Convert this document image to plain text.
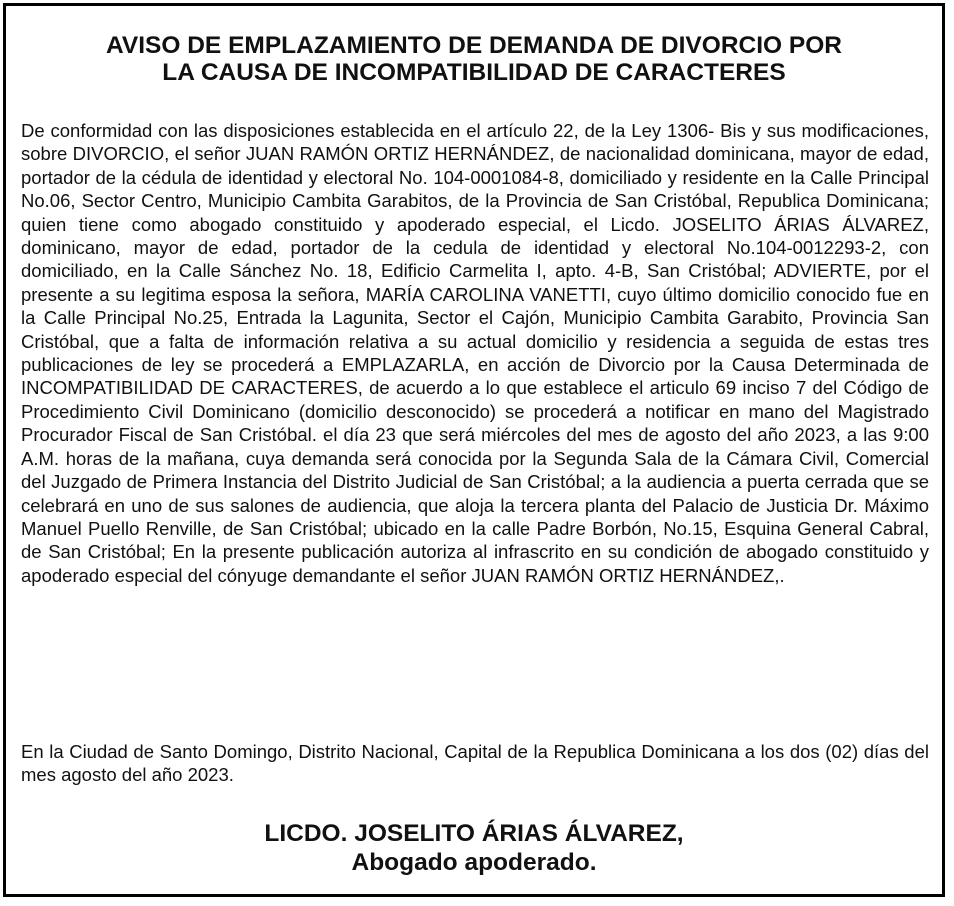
AVISO DE EMPLAZAMIENTO DE DEMANDA DE DIVORCIO POR
LA CAUSA DE INCOMPATIBILIDAD DE CARACTERES

De conformidad con las disposiciones establecida en el artículo 22, de la Ley 1306- Bis y sus modificaciones, sobre DIVORCIO, el señor JUAN RAMÓN ORTIZ HERNÁNDEZ, de nacionalidad dominicana, mayor de edad, portador de la cédula de identidad y electoral No. 104-0001084-8, domiciliado y residente en la Calle Principal No.06, Sector Centro, Municipio Cambita Garabitos, de la Provincia de San Cristóbal, Republica Dominicana; quien tiene como abogado constituido y apoderado especial, el Licdo. JOSELITO ÁRIAS ÁLVAREZ, dominicano, mayor de edad, portador de la cedula de identidad y electoral No.104-0012293-2, con domiciliado, en la Calle Sánchez No. 18, Edificio Carmelita I, apto. 4-B, San Cristóbal; ADVIERTE, por el presente a su legitima esposa la señora, MARÍA CAROLINA VANETTI, cuyo último domicilio conocido fue en la Calle Principal No.25, Entrada la Lagunita, Sector el Cajón, Municipio Cambita Garabito, Provincia San Cristóbal, que a falta de información relativa a su actual domicilio y residencia a seguida de estas tres publicaciones de ley se procederá a EMPLAZARLA, en acción de Divorcio por la Causa Determinada de INCOMPATIBILIDAD DE CARACTERES, de acuerdo a lo que establece el articulo 69 inciso 7 del Código de Procedimiento Civil Dominicano (domicilio desconocido) se procederá a notificar en mano del Magistrado Procurador Fiscal de San Cristóbal. el día 23 que será miércoles del mes de agosto del año 2023, a las 9:00 A.M. horas de la mañana, cuya demanda será conocida por la Segunda Sala de la Cámara Civil, Comercial del Juzgado de Primera Instancia del Distrito Judicial de San Cristóbal; a la audiencia a puerta cerrada que se celebrará en uno de sus salones de audiencia, que aloja la tercera planta del Palacio de Justicia Dr. Máximo Manuel Puello Renville, de San Cristóbal; ubicado en la calle Padre Borbón, No.15, Esquina General Cabral, de San Cristóbal; En la presente publicación autoriza al infrascrito en su condición de abogado constituido y apoderado especial del cónyuge demandante el señor JUAN RAMÓN ORTIZ HERNÁNDEZ,.

En la Ciudad de Santo Domingo, Distrito Nacional, Capital de la Republica Dominicana a los dos (02) días del mes agosto del año 2023.

LICDO. JOSELITO ÁRIAS ÁLVAREZ,
Abogado apoderado.
